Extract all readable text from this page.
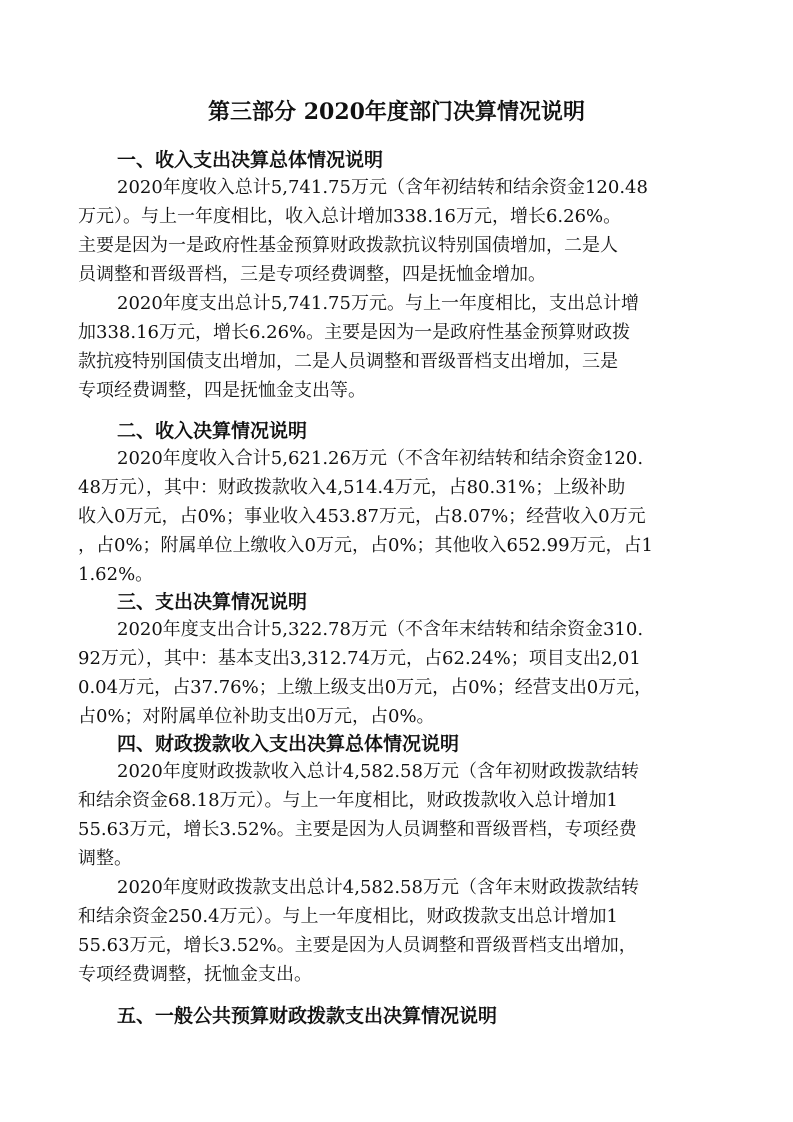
第三部分 2020年度部门决算情况说明
一、收入支出决算总体情况说明
2020年度收入总计5,741.75万元（含年初结转和结余资金120.48
万元）。与上一年度相比，收入总计增加338.16万元，增长6.26%。
主要是因为一是政府性基金预算财政拨款抗议特别国债增加，二是人
员调整和晋级晋档，三是专项经费调整，四是抚恤金增加。
2020年度支出总计5,741.75万元。与上一年度相比，支出总计增
加338.16万元，增长6.26%。主要是因为一是政府性基金预算财政拨
款抗疫特别国债支出增加，二是人员调整和晋级晋档支出增加，三是
专项经费调整，四是抚恤金支出等。
二、收入决算情况说明
2020年度收入合计5,621.26万元（不含年初结转和结余资金120.
48万元），其中：财政拨款收入4,514.4万元，占80.31%；上级补助
收入0万元，占0%；事业收入453.87万元，占8.07%；经营收入0万元
，占0%；附属单位上缴收入0万元，占0%；其他收入652.99万元，占1
1.62%。
三、支出决算情况说明
2020年度支出合计5,322.78万元（不含年末结转和结余资金310.
92万元），其中：基本支出3,312.74万元，占62.24%；项目支出2,01
0.04万元，占37.76%；上缴上级支出0万元，占0%；经营支出0万元，
占0%；对附属单位补助支出0万元，占0%。
四、财政拨款收入支出决算总体情况说明
2020年度财政拨款收入总计4,582.58万元（含年初财政拨款结转
和结余资金68.18万元）。与上一年度相比，财政拨款收入总计增加1
55.63万元，增长3.52%。主要是因为人员调整和晋级晋档，专项经费
调整。
2020年度财政拨款支出总计4,582.58万元（含年末财政拨款结转
和结余资金250.4万元）。与上一年度相比，财政拨款支出总计增加1
55.63万元，增长3.52%。主要是因为人员调整和晋级晋档支出增加，
专项经费调整，抚恤金支出。
五、一般公共预算财政拨款支出决算情况说明
